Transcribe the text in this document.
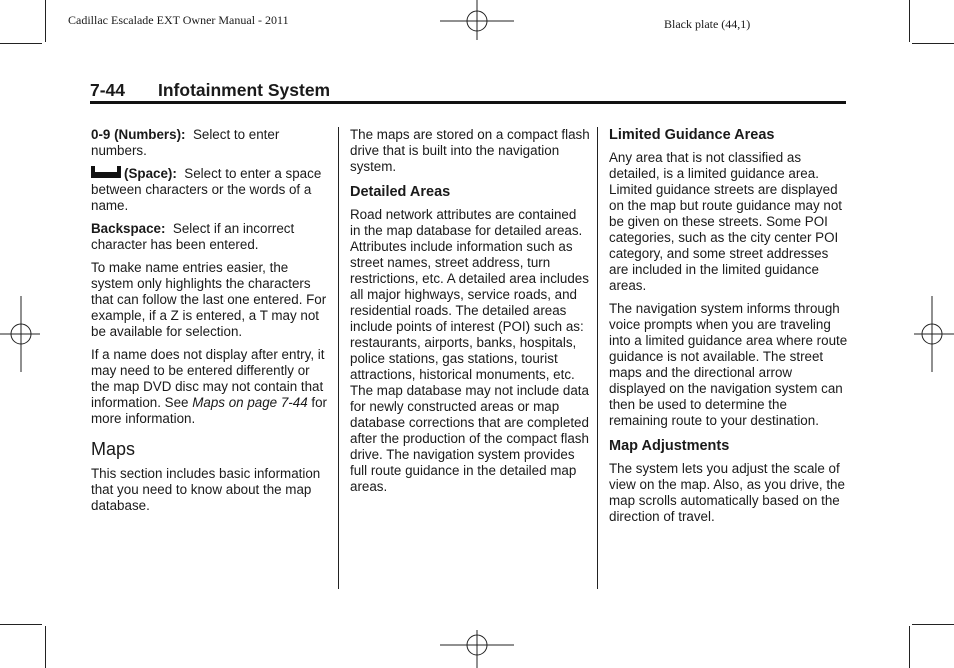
Cadillac Escalade EXT Owner Manual - 2011	Black plate (44,1)
7-44 Infotainment System

0-9 (Numbers): Select to enter numbers.

(Space): Select to enter a space between characters or the words of a name.

Backspace: Select if an incorrect character has been entered.

To make name entries easier, the system only highlights the characters that can follow the last one entered. For example, if a Z is entered, a T may not be available for selection.

If a name does not display after entry, it may need to be entered differently or the map DVD disc may not contain that information. See Maps on page 7-44 for more information.

Maps

This section includes basic information that you need to know about the map database.

The maps are stored on a compact flash drive that is built into the navigation system.

Detailed Areas

Road network attributes are contained in the map database for detailed areas. Attributes include information such as street names, street address, turn restrictions, etc. A detailed area includes all major highways, service roads, and residential roads. The detailed areas include points of interest (POI) such as: restaurants, airports, banks, hospitals, police stations, gas stations, tourist attractions, historical monuments, etc. The map database may not include data for newly constructed areas or map database corrections that are completed after the production of the compact flash drive. The navigation system provides full route guidance in the detailed map areas.

Limited Guidance Areas

Any area that is not classified as detailed, is a limited guidance area. Limited guidance streets are displayed on the map but route guidance may not be given on these streets. Some POI categories, such as the city center POI category, and some street addresses are included in the limited guidance areas.

The navigation system informs through voice prompts when you are traveling into a limited guidance area where route guidance is not available. The street maps and the directional arrow displayed on the navigation system can then be used to determine the remaining route to your destination.

Map Adjustments

The system lets you adjust the scale of view on the map. Also, as you drive, the map scrolls automatically based on the direction of travel.
